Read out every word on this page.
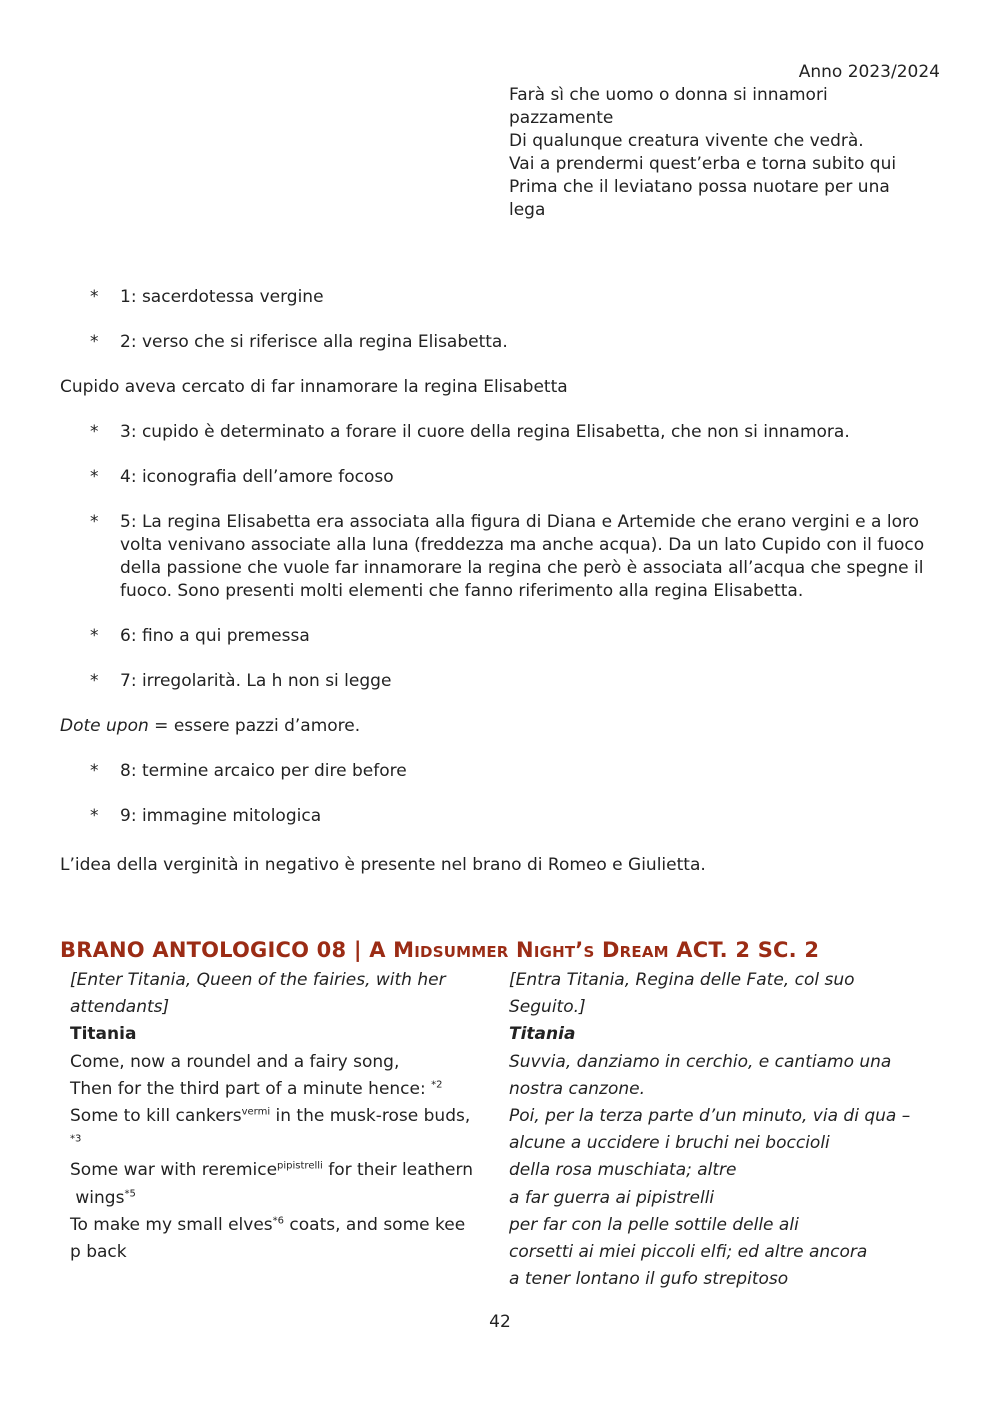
Anno 2023/2024
Farà sì che uomo o donna si innamori
pazzamente
Di qualunque creatura vivente che vedrà.
Vai a prendermi quest’erba e torna subito qui
Prima che il leviatano possa nuotare per una
lega
* 1: sacerdotessa vergine
* 2: verso che si riferisce alla regina Elisabetta.

Cupido aveva cercato di far innamorare la regina Elisabetta

* 3: cupido è determinato a forare il cuore della regina Elisabetta, che non si innamora.
* 4: iconografia dell’amore focoso
* 5: La regina Elisabetta era associata alla figura di Diana e Artemide che erano vergini e a loro volta venivano associate alla luna (freddezza ma anche acqua). Da un lato Cupido con il fuoco della passione che vuole far innamorare la regina che però è associata all’acqua che spegne il fuoco. Sono presenti molti elementi che fanno riferimento alla regina Elisabetta.
* 6: fino a qui premessa
* 7: irregolarità. La h non si legge

Dote upon = essere pazzi d’amore.

* 8: termine arcaico per dire before
* 9: immagine mitologica

L’idea della verginità in negativo è presente nel brano di Romeo e Giulietta.

BRANO ANTOLOGICO 08 | A Midsummer Night’s Dream ACT. 2 SC. 2
[Enter Titania, Queen of the fairies, with her
attendants]
Titania
Come, now a roundel and a fairy song,
Then for the third part of a minute hence: $^{*2}$
Some to kill cankers$^{vermi}$ in the musk-rose buds,
$^{*3}$
Some war with reremice$^{pipistrelli}$ for their leathern
wings$^{*5}$
To make my small elves$^{*6}$ coats, and some kee
p back
[Entra Titania, Regina delle Fate, col suo
Seguito.]
Titania
Suvvia, danziamo in cerchio, e cantiamo una
nostra canzone.
Poi, per la terza parte d’un minuto, via di qua –
alcune a uccidere i bruchi nei boccioli
della rosa muschiata; altre
a far guerra ai pipistrelli
per far con la pelle sottile delle ali
corsetti ai miei piccoli elfi; ed altre ancora
a tener lontano il gufo strepitoso
42
